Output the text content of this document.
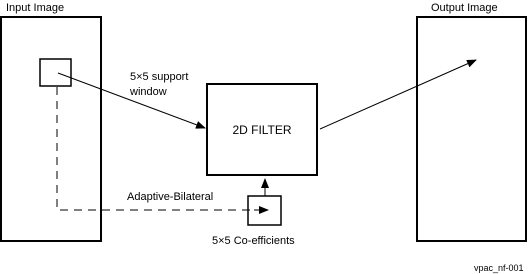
Input Image	Output Image
2D FILTER
5×5 support
window
Adaptive-Bilateral
5×5 Co-efficients
vpac_nf-001
